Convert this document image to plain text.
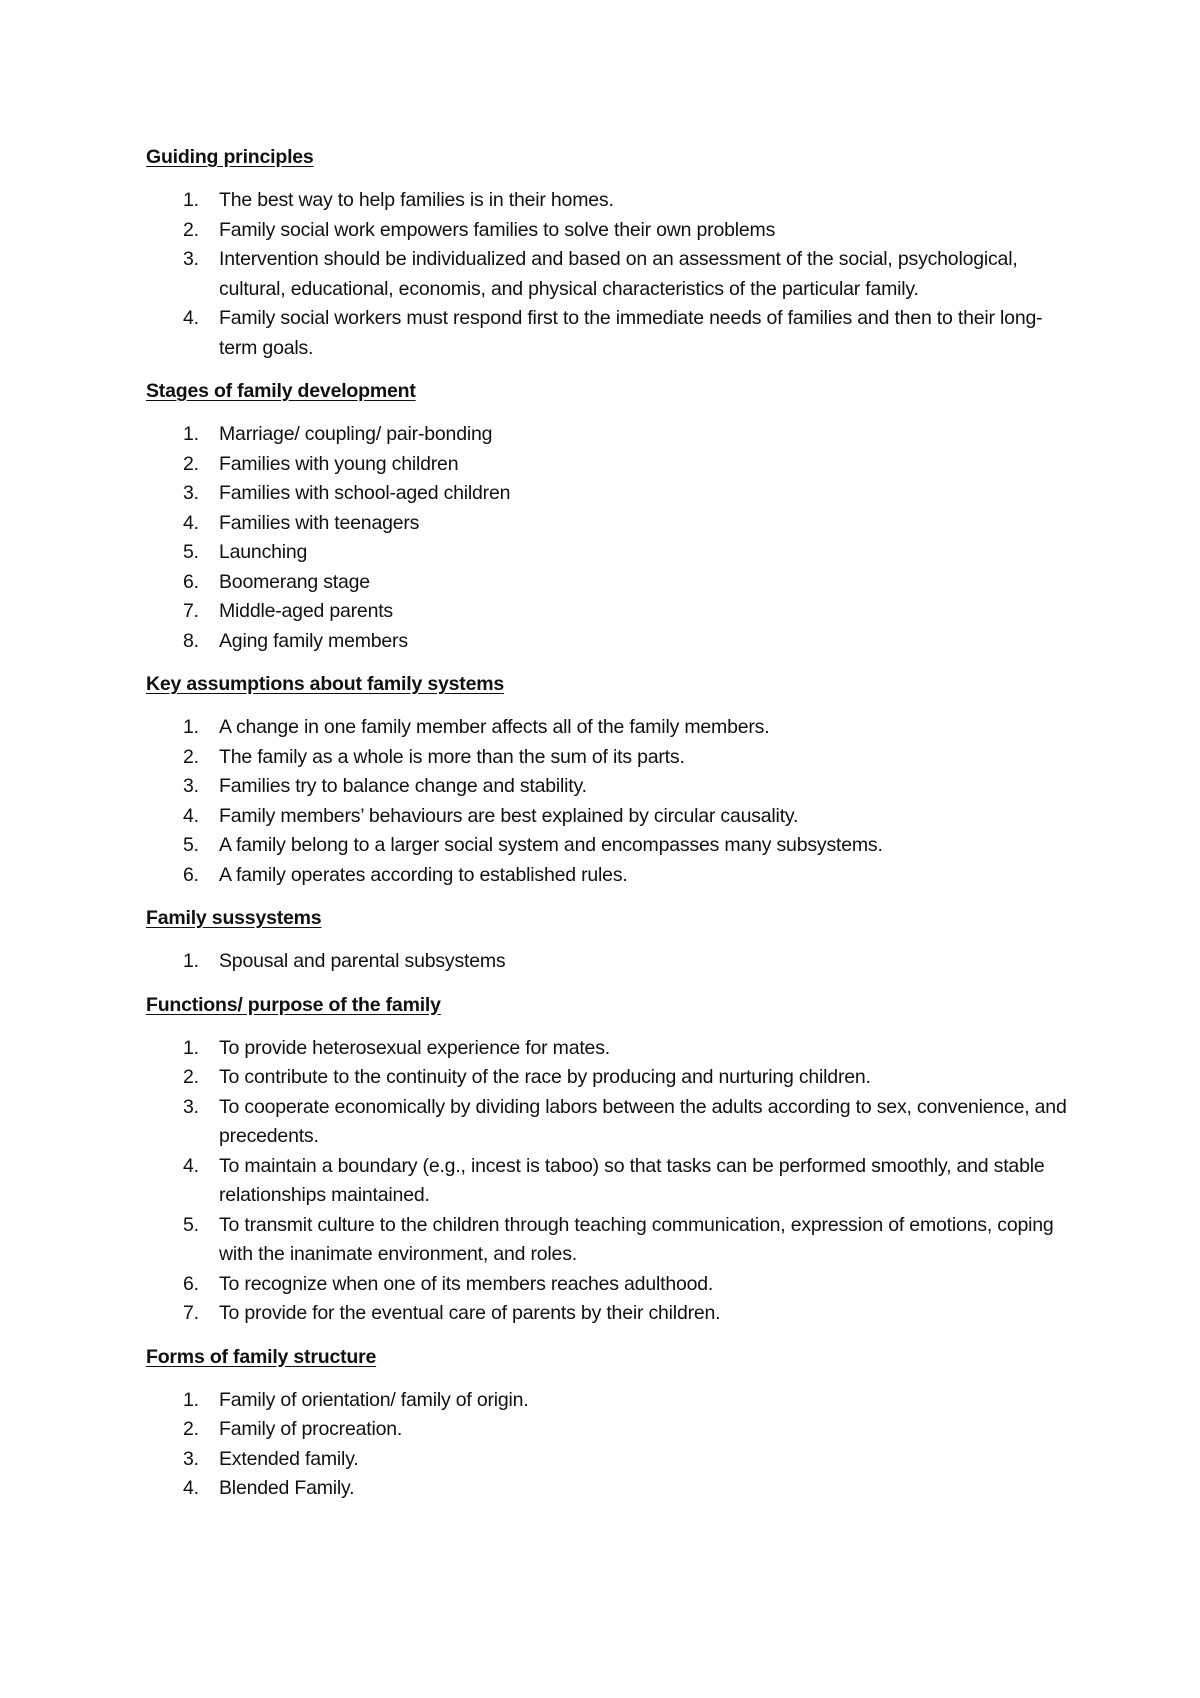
Guiding principles
1.	The best way to help families is in their homes.
2.	Family social work empowers families to solve their own problems
3.	Intervention should be individualized and based on an assessment of the social, psychological, cultural, educational, economis, and physical characteristics of the particular family.
4.	Family social workers must respond first to the immediate needs of families and then to their long-term goals.
Stages of family development
1.	Marriage/ coupling/ pair-bonding
2.	Families with young children
3.	Families with school-aged children
4.	Families with teenagers
5.	Launching
6.	Boomerang stage
7.	Middle-aged parents
8.	Aging family members
Key assumptions about family systems
1.	A change in one family member affects all of the family members.
2.	The family as a whole is more than the sum of its parts.
3.	Families try to balance change and stability.
4.	Family members’ behaviours are best explained by circular causality.
5.	A family belong to a larger social system and encompasses many subsystems.
6.	A family operates according to established rules.
Family sussystems
1.	Spousal and parental subsystems
Functions/ purpose of the family
1.	To provide heterosexual experience for mates.
2.	To contribute to the continuity of the race by producing and nurturing children.
3.	To cooperate economically by dividing labors between the adults according to sex, convenience, and precedents.
4.	To maintain a boundary (e.g., incest is taboo) so that tasks can be performed smoothly, and stable relationships maintained.
5.	To transmit culture to the children through teaching communication, expression of emotions, coping with the inanimate environment, and roles.
6.	To recognize when one of its members reaches adulthood.
7.	To provide for the eventual care of parents by their children.
Forms of family structure
1.	Family of orientation/ family of origin.
2.	Family of procreation.
3.	Extended family.
4.	Blended Family.
